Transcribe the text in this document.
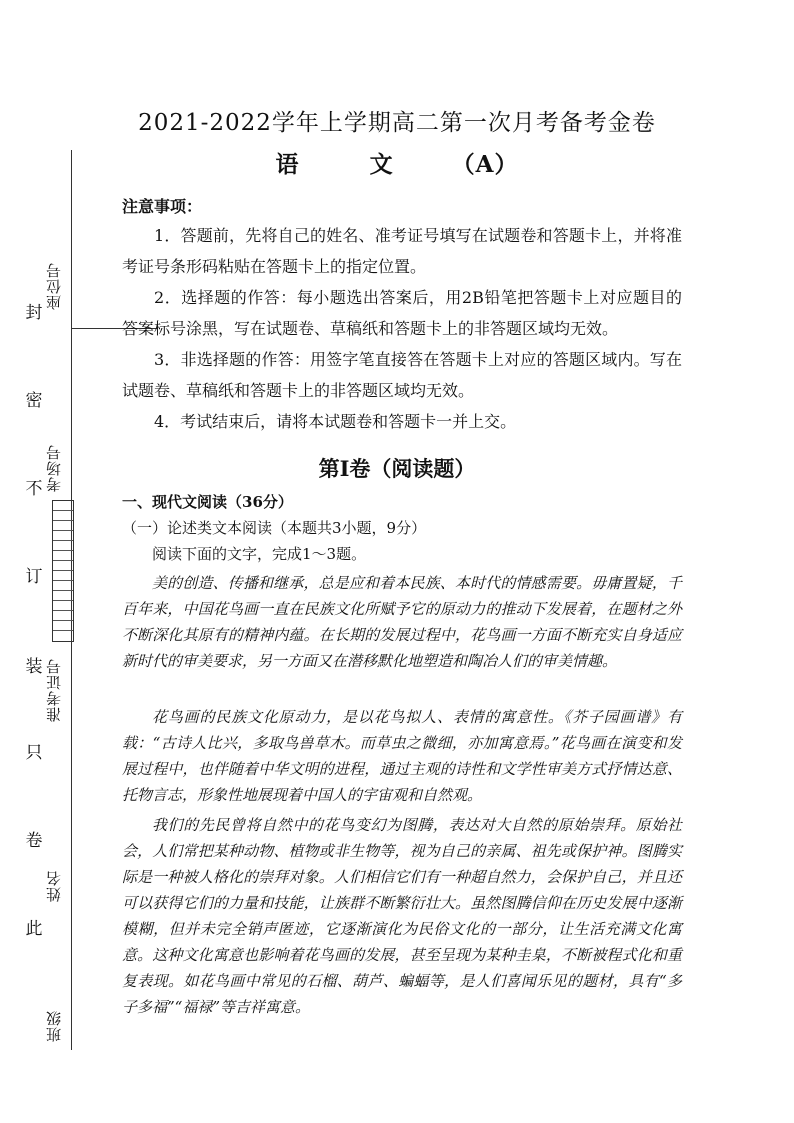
封
密
不
订
装
只
卷
此
座位号
考场号
准考证号
姓名
班级
2021-2022学年上学期高二第一次月考备考金卷
语	文	（A）
注意事项：

1．答题前，先将自己的姓名、准考证号填写在试题卷和答题卡上，并将准考证号条形码粘贴在答题卡上的指定位置。

2．选择题的作答：每小题选出答案后，用2B铅笔把答题卡上对应题目的答案标号涂黑，写在试题卷、草稿纸和答题卡上的非答题区域均无效。

3．非选择题的作答：用签字笔直接答在答题卡上对应的答题区域内。写在试题卷、草稿纸和答题卡上的非答题区域均无效。

4．考试结束后，请将本试题卷和答题卡一并上交。

第Ⅰ卷（阅读题）
一、现代文阅读（36分）
（一）论述类文本阅读（本题共3小题，9分）
阅读下面的文字，完成1～3题。

美的创造、传播和继承，总是应和着本民族、本时代的情感需要。毋庸置疑，千百年来，中国花鸟画一直在民族文化所赋予它的原动力的推动下发展着，在题材之外不断深化其原有的精神内蕴。在长期的发展过程中，花鸟画一方面不断充实自身适应新时代的审美要求，另一方面又在潜移默化地塑造和陶冶人们的审美情趣。

花鸟画的民族文化原动力，是以花鸟拟人、表情的寓意性。《芥子园画谱》有载：“古诗人比兴，多取鸟兽草木。而草虫之微细，亦加寓意焉。”花鸟画在演变和发展过程中，也伴随着中华文明的进程，通过主观的诗性和文学性审美方式抒情达意、托物言志，形象性地展现着中国人的宇宙观和自然观。

我们的先民曾将自然中的花鸟变幻为图腾，表达对大自然的原始崇拜。原始社会，人们常把某种动物、植物或非生物等，视为自己的亲属、祖先或保护神。图腾实际是一种被人格化的崇拜对象。人们相信它们有一种超自然力，会保护自己，并且还可以获得它们的力量和技能，让族群不断繁衍壮大。虽然图腾信仰在历史发展中逐渐模糊，但并未完全销声匿迹，它逐渐演化为民俗文化的一部分，让生活充满文化寓意。这种文化寓意也影响着花鸟画的发展，甚至呈现为某种圭臬，不断被程式化和重复表现。如花鸟画中常见的石榴、葫芦、蝙蝠等，是人们喜闻乐见的题材，具有“多子多福”“福禄”等吉祥寓意。
